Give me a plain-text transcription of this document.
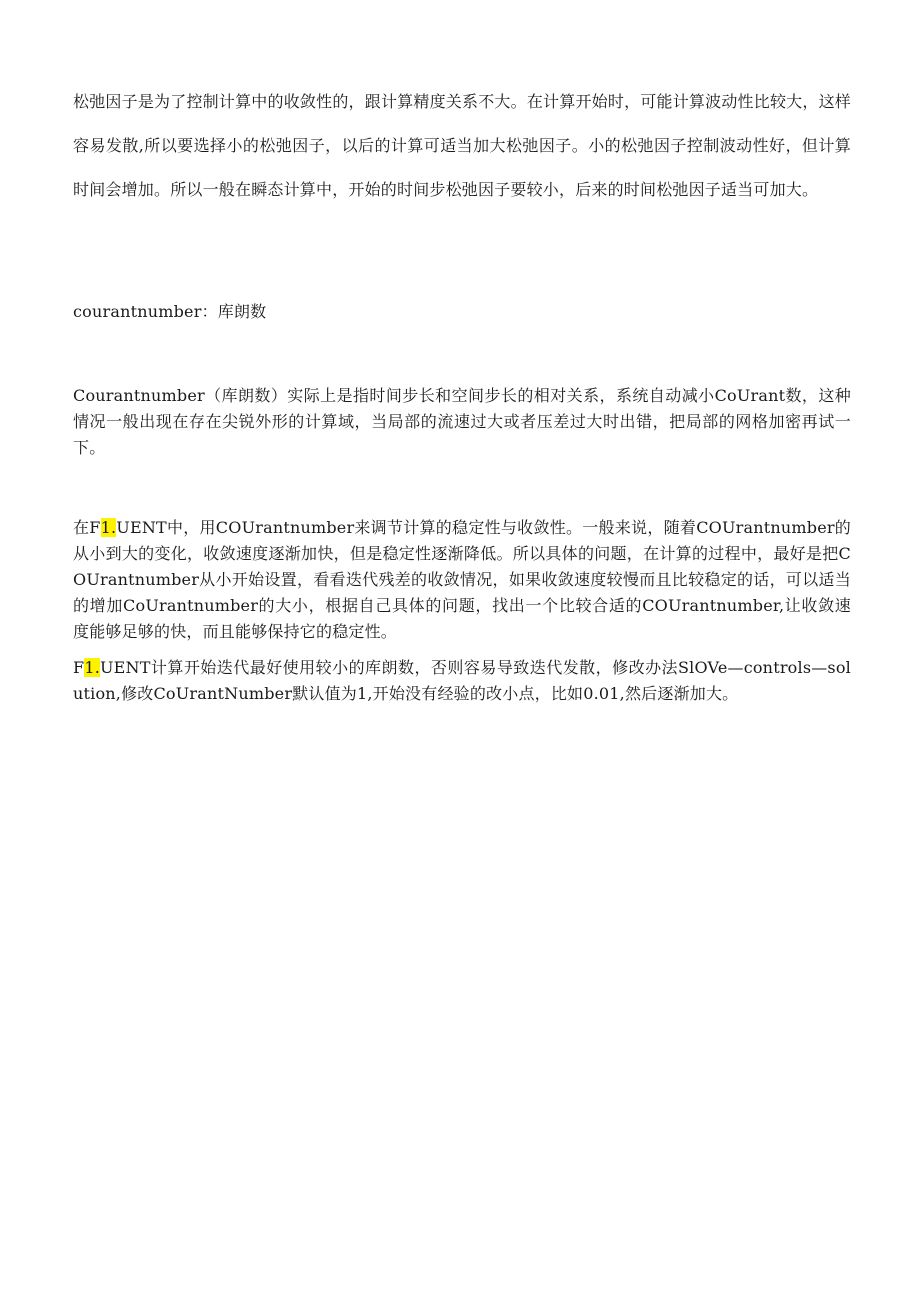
松弛因子是为了控制计算中的收敛性的，跟计算精度关系不大。在计算开始时，可能计算波动性比较大，这样容易发散,所以要选择小的松弛因子，以后的计算可适当加大松弛因子。小的松弛因子控制波动性好，但计算时间会增加。所以一般在瞬态计算中，开始的时间步松弛因子要较小，后来的时间松弛因子适当可加大。

courantnumber：库朗数

Courantnumber（库朗数）实际上是指时间步长和空间步长的相对关系，系统自动减小CoUrant数，这种情况一般出现在存在尖锐外形的计算域，当局部的流速过大或者压差过大时出错，把局部的网格加密再试一下。

在F1.UENT中，用COUrantnumber来调节计算的稳定性与收敛性。一般来说，随着COUrantnumber的从小到大的变化，收敛速度逐渐加快，但是稳定性逐渐降低。所以具体的问题，在计算的过程中，最好是把COUrantnumber从小开始设置，看看迭代残差的收敛情况，如果收敛速度较慢而且比较稳定的话，可以适当的增加CoUrantnumber的大小，根据自己具体的问题，找出一个比较合适的COUrantnumber,让收敛速度能够足够的快，而且能够保持它的稳定性。

F1.UENT计算开始迭代最好使用较小的库朗数，否则容易导致迭代发散，修改办法SlOVe—controls—solution,修改CoUrantNumber默认值为1,开始没有经验的改小点，比如0.01,然后逐渐加大。
